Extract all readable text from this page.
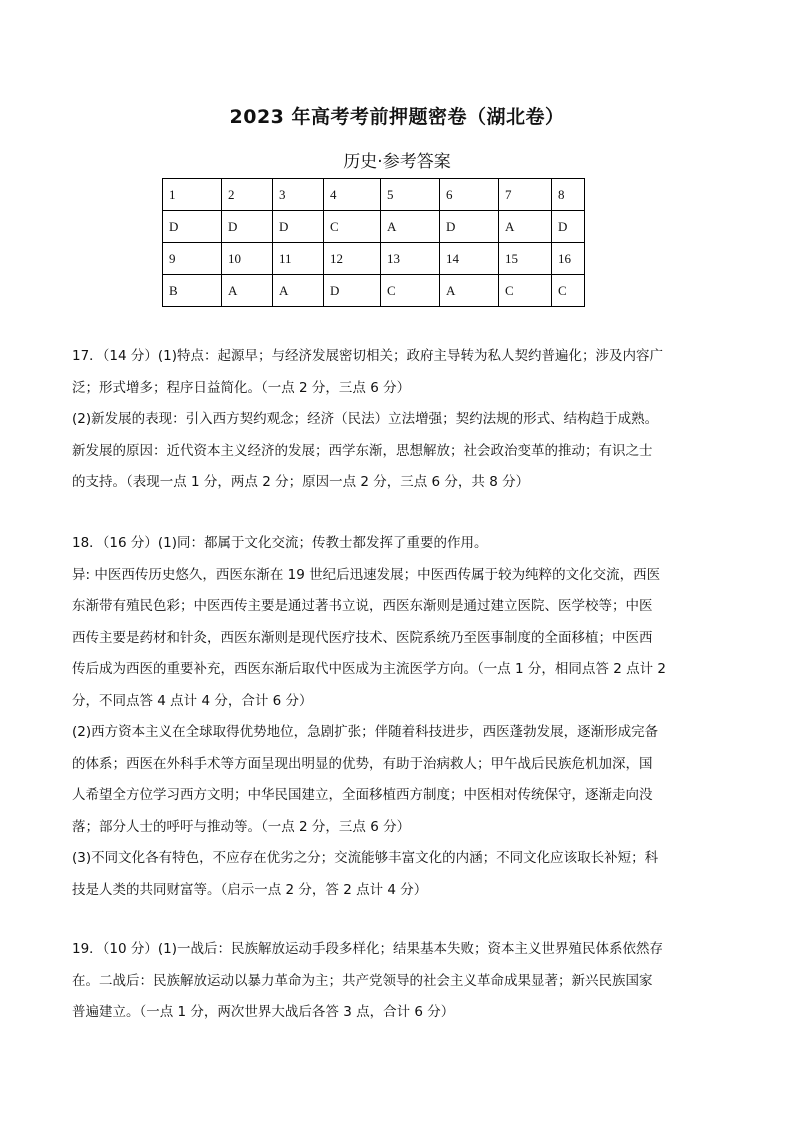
2023 年高考考前押题密卷（湖北卷）
历史·参考答案
1	2	3	4	5	6	7	8
D	D	D	C	A	D	A	D
9	10	11	12	13	14	15	16
B	A	A	D	C	A	C	C

17．（14 分）(1)特点：起源早；与经济发展密切相关；政府主导转为私人契约普遍化；涉及内容广

泛；形式增多；程序日益简化。（一点 2 分，三点 6 分）

(2)新发展的表现：引入西方契约观念；经济（民法）立法增强；契约法规的形式、结构趋于成熟。

新发展的原因：近代资本主义经济的发展；西学东渐，思想解放；社会政治变革的推动；有识之士

的支持。（表现一点 1 分，两点 2 分；原因一点 2 分，三点 6 分，共 8 分）

18．（16 分）(1)同：都属于文化交流；传教士都发挥了重要的作用。

异: 中医西传历史悠久，西医东渐在 19 世纪后迅速发展；中医西传属于较为纯粹的文化交流，西医

东渐带有殖民色彩；中医西传主要是通过著书立说，西医东渐则是通过建立医院、医学校等；中医

西传主要是药材和针灸，西医东渐则是现代医疗技术、医院系统乃至医事制度的全面移植；中医西

传后成为西医的重要补充，西医东渐后取代中医成为主流医学方向。（一点 1 分，相同点答 2 点计 2

分，不同点答 4 点计 4 分，合计 6 分）

(2)西方资本主义在全球取得优势地位，急剧扩张；伴随着科技进步，西医蓬勃发展，逐渐形成完备

的体系；西医在外科手术等方面呈现出明显的优势，有助于治病救人；甲午战后民族危机加深，国

人希望全方位学习西方文明；中华民国建立，全面移植西方制度；中医相对传统保守，逐渐走向没

落；部分人士的呼吁与推动等。（一点 2 分，三点 6 分）

(3)不同文化各有特色，不应存在优劣之分；交流能够丰富文化的内涵；不同文化应该取长补短；科

技是人类的共同财富等。（启示一点 2 分，答 2 点计 4 分）

19．（10 分）(1)一战后：民族解放运动手段多样化；结果基本失败；资本主义世界殖民体系依然存

在。二战后：民族解放运动以暴力革命为主；共产党领导的社会主义革命成果显著；新兴民族国家

普遍建立。（一点 1 分，两次世界大战后各答 3 点，合计 6 分）
